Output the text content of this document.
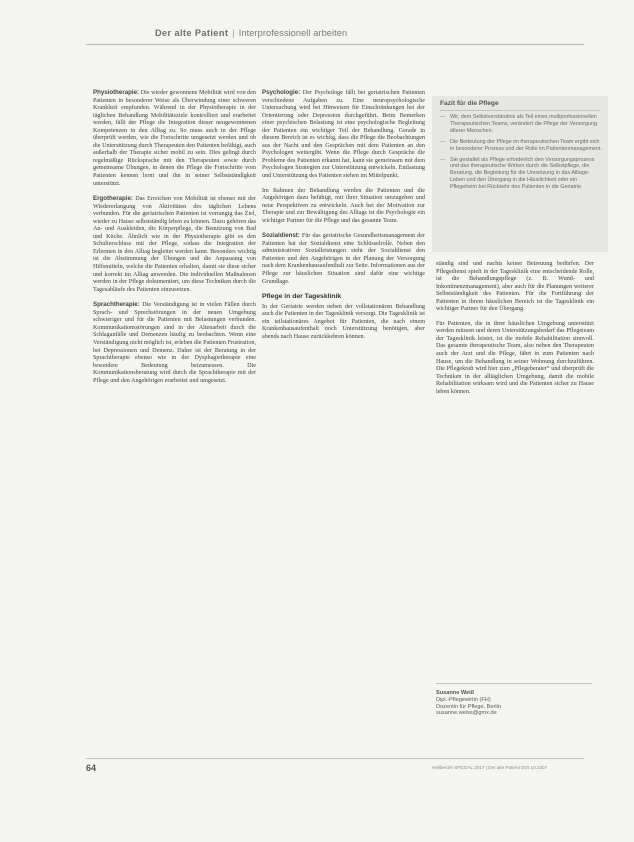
Der alte Patient | Interprofessionell arbeiten

Physiotherapie: Die wieder gewonnene Mobilität wird von den Patienten in besonderer Weise als Überwindung einer schweren Krankheit empfunden. Während in der Physiotherapie in der täglichen Behandlung Mobilitätsziele kontrolliert und erarbeitet werden, fällt der Pflege die Integration dieser neugewonnenen Kompetenzen in den Alltag zu. So muss auch in der Pflege überprüft werden, wie die Fortschritte umgesetzt werden und ob die Unterstützung durch Therapeuten den Patienten befähigt, auch außerhalb der Therapie sicher mobil zu sein. Dies gelingt durch regelmäßige Rücksprache mit den Therapeuten sowie durch gemeinsame Übungen, in denen die Pflege die Fortschritte vom Patienten kennen lernt und ihn in seiner Selbstständigkeit unterstützt.

Ergotherapie: Das Erreichen von Mobilität ist ebenso mit der Wiedererlangung von Aktivitäten des täglichen Lebens verbunden. Für die geriatrischen Patienten ist vorrangig das Ziel, wieder zu Hause selbstständig leben zu können. Dazu gehören das An- und Auskleiden, die Körperpflege, die Benutzung von Bad und Küche. Ähnlich wie in der Physiotherapie gibt es den Schulterschluss mit der Pflege, sodass die Integration der Erlernten in den Alltag begleitet werden kann. Besonders wichtig ist die Abstimmung der Übungen und die Anpassung von Hilfsmitteln, welche die Patienten erhalten, damit sie diese sicher und korrekt im Alltag anwenden. Die individuellen Maßnahmen werden in der Pflege dokumentiert, um diese Techniken durch die Tagesabläufe des Patienten einzusetzen.

Sprachtherapie: Die Verständigung ist in vielen Fällen durch Sprach- und Sprechstörungen in der neuen Umgebung schwieriger und für die Patienten mit Belastungen verbunden. Kommunikationsstörungen sind in der Altenarbeit durch die Schlaganfälle und Demenzen häufig zu beobachten. Wenn eine Verständigung nicht möglich ist, erleben die Patienten Frustration, bei Depressionen und Demenz. Daher ist der Beratung in der Sprachtherapie ebenso wie in der Dysphagietherapie eine besondere Bedeutung beizumessen. Die Kommunikationsberatung wird durch die Sprachtherapie mit der Pflege und den Angehörigen erarbeitet und umgesetzt.

Psychologie: Der Psychologe fällt bei geriatrischen Patienten verschiedene Aufgaben zu. Eine neuropsychologische Untersuchung wird bei Hinweisen für Einschränkungen bei der Orientierung oder Depression durchgeführt. Beim Bemerken einer psychischen Belastung ist eine psychologische Begleitung der Patienten ein wichtiger Teil der Behandlung. Gerade in diesem Bereich ist es wichtig, dass die Pflege die Beobachtungen aus der Nacht und den Gesprächen mit dem Patienten an den Psychologen weitergibt. Wenn die Pflege durch Gespräche die Probleme des Patienten erkannt hat, kann sie gemeinsam mit dem Psychologen Strategien zur Unterstützung entwickeln. Entlastung und Unterstützung des Patienten stehen im Mittelpunkt.

Im Rahmen der Behandlung werden die Patienten und die Angehörigen dazu befähigt, mit ihrer Situation umzugehen und neue Perspektiven zu entwickeln. Auch bei der Motivation zur Therapie und zur Bewältigung des Alltags ist die Psychologie ein wichtiger Partner für die Pflege und das gesamte Team.

Sozialdienst: Für das geriatrische Gesundheitsmanagement der Patienten hat der Sozialdienst eine Schlüsselrolle. Neben den administrativen Sozialleistungen steht der Sozialdienst den Patienten und den Angehörigen in der Planung der Versorgung nach dem Krankenhausaufenthalt zur Seite. Informationen aus der Pflege zur häuslichen Situation sind dafür eine wichtige Grundlage.

Pflege in der Tagesklinik

In der Geriatrie werden neben der vollstationären Behandlung auch die Patienten in der Tagesklinik versorgt. Die Tagesklinik ist ein teilstationäres Angebot für Patienten, die nach einem Krankenhausaufenthalt noch Unterstützung benötigen, aber abends nach Hause zurückkehren können.

Fazit für die Pflege
— Wir, dem Selbstverständnis als Teil eines multiprofessionellen Therapeutischen Teams, verändert die Pflege der Versorgung älterer Menschen.
— Die Bedeutung der Pflege im therapeutischen Team ergibt sich in besonderer Prozess und der Rolle im Patientenmanagement.
— Sie gestaltet als Pflege erforderlich den Versorgungsprozess und das therapeutische Wirken durch die Selbstpflege, die Beratung, die Begleitung für die Umsetzung in das Alltags-Leben und den Übergang in die Häuslichkeit oder ein Pflegeheim bei Rückkehr des Patienten in die Geriatrie.

ständig sind und nachts keiner Betreuung bedürfen. Der Pflegedienst spielt in der Tagesklinik eine entscheidende Rolle, ist die Behandlungspflege (z. B. Wund- und Inkontinenzmanagement), aber auch für die Planungen weiterer Selbstständigkeit des Patienten. Für die Fortführung der Patienten in ihrem häuslichen Bereich ist die Tagesklinik ein wichtiger Partner für den Übergang.

Für Patienten, die in ihrer häuslichen Umgebung unterstützt werden müssen und deren Unterstützungsbedarf das Pflegeteam der Tagesklinik leistet, ist die mobile Rehabilitation sinnvoll. Das gesamte therapeutische Team, also neben den Therapeuten auch der Arzt und die Pflege, fährt in zum Patienten nach Hause, um die Behandlung in seiner Wohnung durchzuführen. Die Pflegekraft wird hier zum „Pflegeberater“ und überprüft die Techniken in der alltäglichen Umgebung, damit die mobile Rehabilitation wirksam wird und die Patienten sicher zu Hause leben können.

Susanne Weiß
Dipl.-Pflegewirtin (FH)
Dozentin für Pflege, Berlin
susanne.weiss@gmx.de
64	Heilberufe SPEZIAL 2017 | Der alte Patient DOI 10.1007
